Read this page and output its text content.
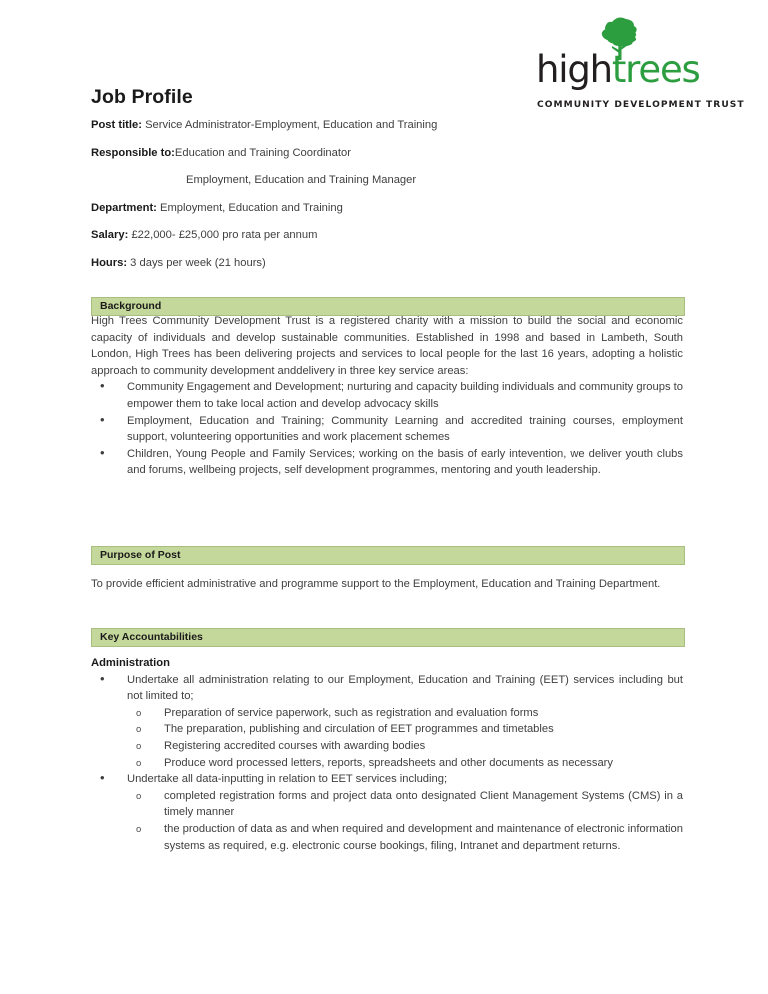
hightrees
COMMUNITY DEVELOPMENT TRUST
Job Profile
Post title: Service Administrator-Employment, Education and Training
Responsible to:Education and Training Coordinator
Employment, Education and Training Manager
Department: Employment, Education and Training
Salary: £22,000- £25,000 pro rata per annum
Hours: 3 days per week (21 hours)
Background

High Trees Community Development Trust is a registered charity with a mission to build the social and economic capacity of individuals and develop sustainable communities. Established in 1998 and based in Lambeth, South London, High Trees has been delivering projects and services to local people for the last 16 years, adopting a holistic approach to community development anddelivery in three key service areas:

• Community Engagement and Development; nurturing and capacity building individuals and community groups to empower them to take local action and develop advocacy skills
• Employment, Education and Training; Community Learning and accredited training courses, employment support, volunteering opportunities and work placement schemes
• Children, Young People and Family Services; working on the basis of early intevention, we deliver youth clubs and forums, wellbeing projects, self development programmes, mentoring and youth leadership.
Purpose of Post

To provide efficient administrative and programme support to the Employment, Education and Training Department.

Key Accountabilities

Administration

• Undertake all administration relating to our Employment, Education and Training (EET) services including but not limited to;
o Preparation of service paperwork, such as registration and evaluation forms
o The preparation, publishing and circulation of EET programmes and timetables
o Registering accredited courses with awarding bodies
o Produce word processed letters, reports, spreadsheets and other documents as necessary
• Undertake all data-inputting in relation to EET services including;
o completed registration forms and project data onto designated Client Management Systems (CMS) in a timely manner
o the production of data as and when required and development and maintenance of electronic information systems as required, e.g. electronic course bookings, filing, Intranet and department returns.
